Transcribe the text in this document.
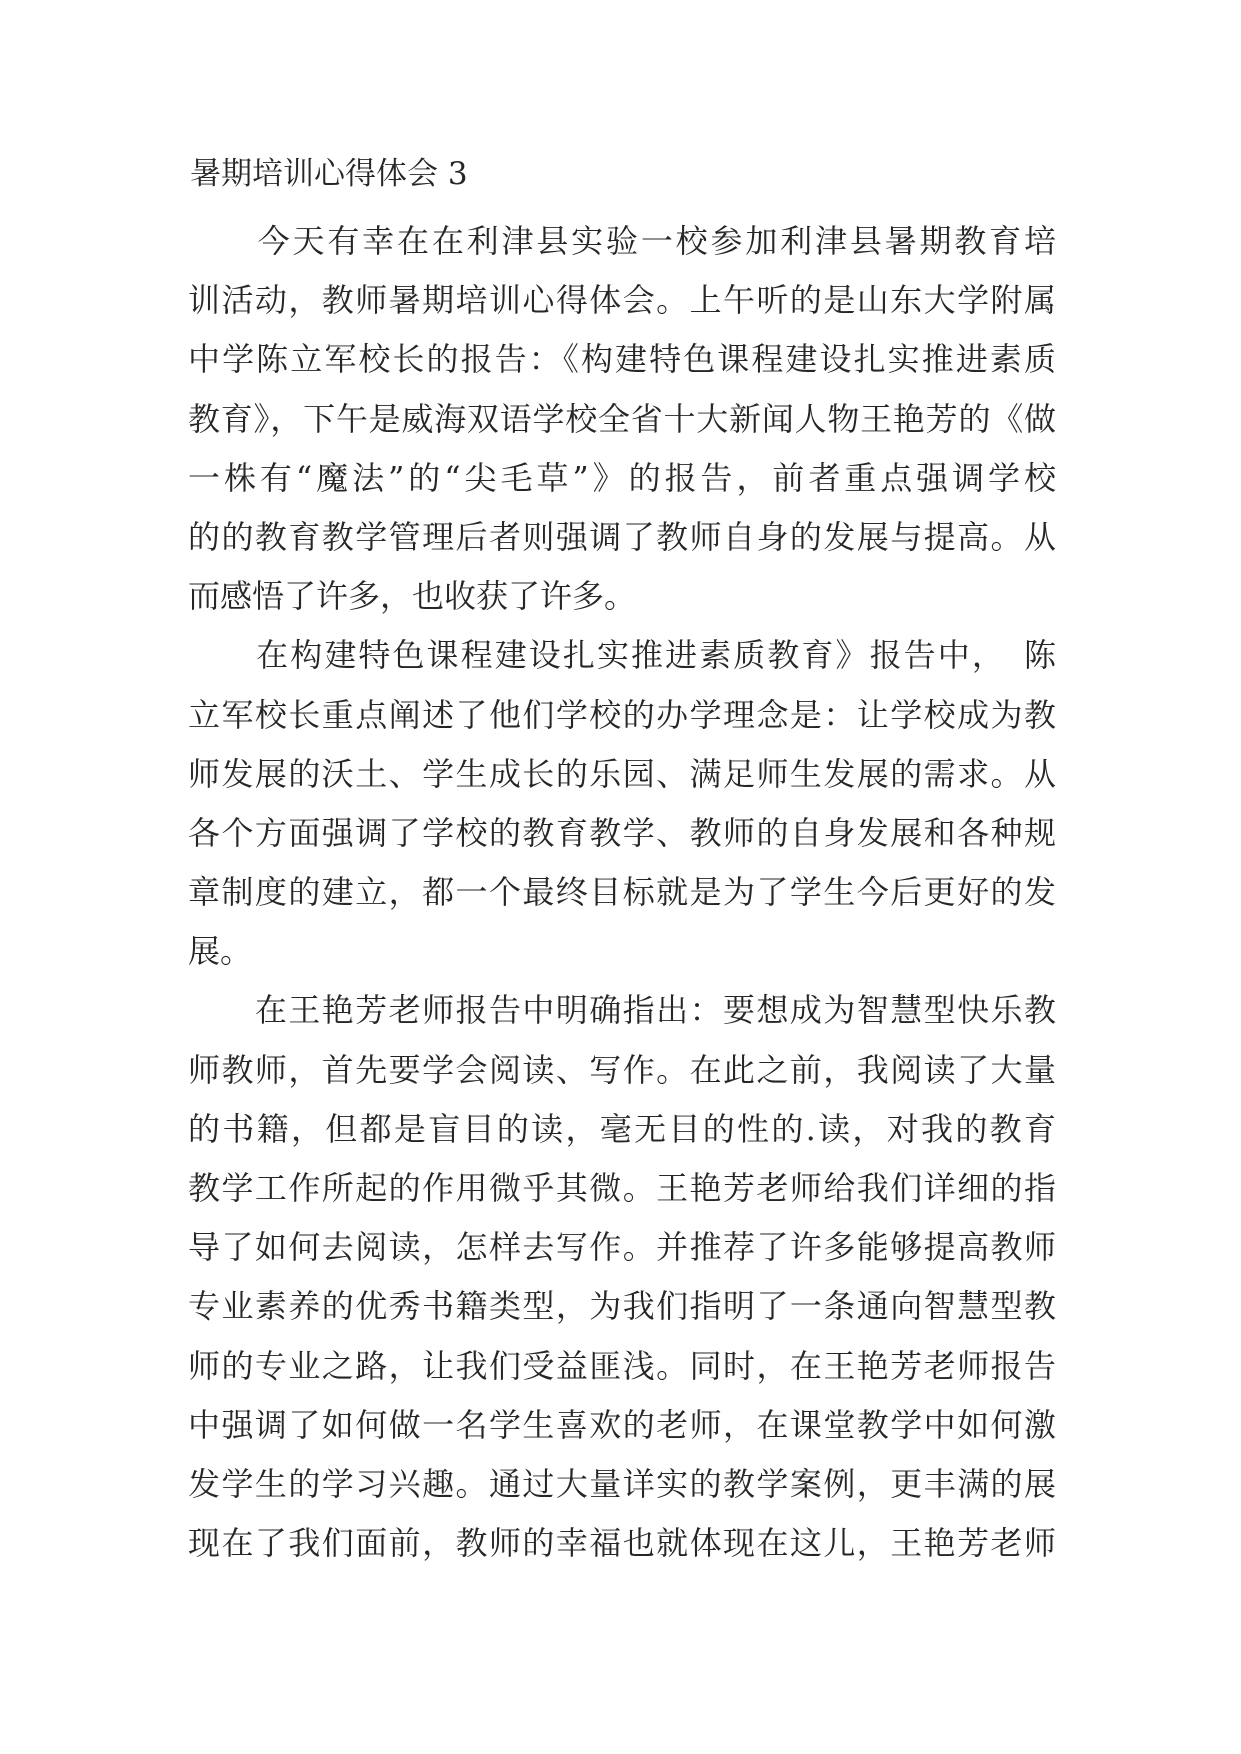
暑期培训心得体会 3
　　今天有幸在在利津县实验一校参加利津县暑期教育培
训活动，教师暑期培训心得体会。上午听的是山东大学附属
中学陈立军校长的报告：《构建特色课程建设扎实推进素质
教育》，下午是威海双语学校全省十大新闻人物王艳芳的《做
一株有“魔法”的“尖毛草”》的报告，前者重点强调学校
的的教育教学管理后者则强调了教师自身的发展与提高。从
而感悟了许多，也收获了许多。
　　在构建特色课程建设扎实推进素质教育》报告中，　陈
立军校长重点阐述了他们学校的办学理念是：让学校成为教
师发展的沃土、学生成长的乐园、满足师生发展的需求。从
各个方面强调了学校的教育教学、教师的自身发展和各种规
章制度的建立，都一个最终目标就是为了学生今后更好的发
展。
　　在王艳芳老师报告中明确指出：要想成为智慧型快乐教
师教师，首先要学会阅读、写作。在此之前，我阅读了大量
的书籍，但都是盲目的读，毫无目的性的.读，对我的教育
教学工作所起的作用微乎其微。王艳芳老师给我们详细的指
导了如何去阅读，怎样去写作。并推荐了许多能够提高教师
专业素养的优秀书籍类型，为我们指明了一条通向智慧型教
师的专业之路，让我们受益匪浅。同时，在王艳芳老师报告
中强调了如何做一名学生喜欢的老师，在课堂教学中如何激
发学生的学习兴趣。通过大量详实的教学案例，更丰满的展
现在了我们面前，教师的幸福也就体现在这儿，王艳芳老师
